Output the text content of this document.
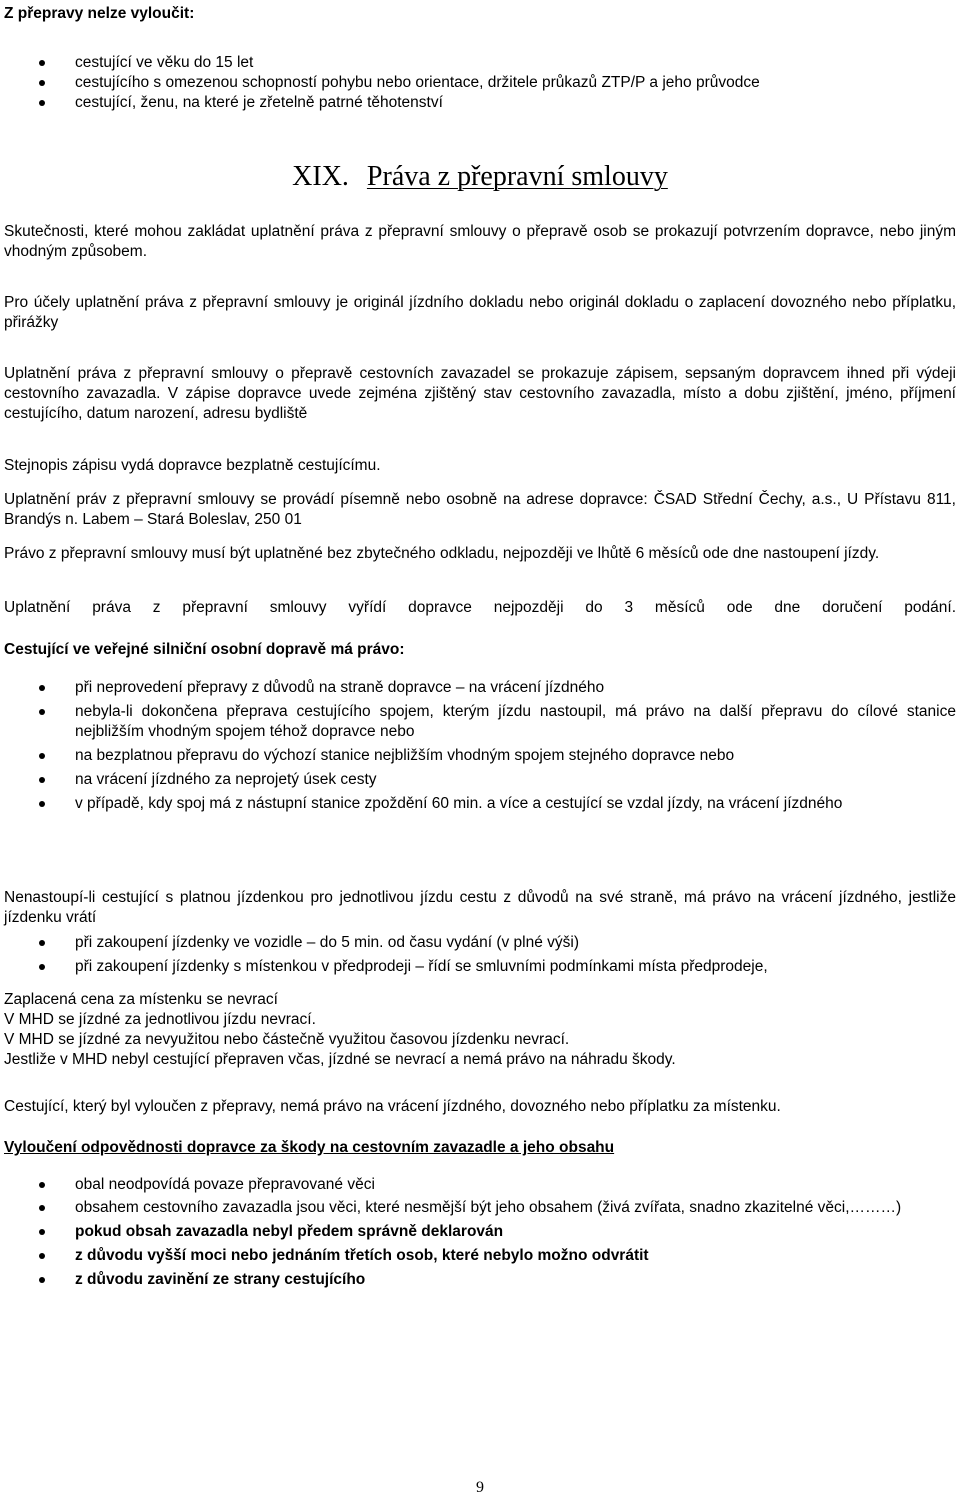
Z přepravy nelze vyloučit:

cestující ve věku do 15 let
cestujícího s omezenou schopností pohybu nebo orientace, držitele průkazů ZTP/P a jeho průvodce
cestující, ženu, na které je zřetelně patrné těhotenství
XIX. Práva z přepravní smlouvy

Skutečnosti, které mohou zakládat uplatnění práva z přepravní smlouvy o přepravě osob se prokazují potvrzením dopravce, nebo jiným vhodným způsobem.

Pro účely uplatnění práva z přepravní smlouvy je originál jízdního dokladu nebo originál dokladu o zaplacení dovozného nebo příplatku, přirážky

Uplatnění práva z přepravní smlouvy o přepravě cestovních zavazadel se prokazuje zápisem, sepsaným dopravcem ihned při výdeji cestovního zavazadla. V zápise dopravce uvede zejména zjištěný stav cestovního zavazadla, místo a dobu zjištění, jméno, příjmení cestujícího, datum narození, adresu bydliště

Stejnopis zápisu vydá dopravce bezplatně cestujícímu.

Uplatnění práv z přepravní smlouvy se provádí písemně nebo osobně na adrese dopravce: ČSAD Střední Čechy, a.s., U Přístavu 811, Brandýs n. Labem – Stará Boleslav, 250 01

Právo z přepravní smlouvy musí být uplatněné bez zbytečného odkladu, nejpozději ve lhůtě 6 měsíců ode dne nastoupení jízdy.

Uplatnění práva z přepravní smlouvy vyřídí dopravce nejpozději do 3 měsíců ode dne doručení podání.

Cestující ve veřejné silniční osobní dopravě má právo:

při neprovedení přepravy z důvodů na straně dopravce – na vrácení jízdného
nebyla-li dokončena přeprava cestujícího spojem, kterým jízdu nastoupil, má právo na další přepravu do cílové stanice nejbližším vhodným spojem téhož dopravce nebo
na bezplatnou přepravu do výchozí stanice nejbližším vhodným spojem stejného dopravce nebo
na vrácení jízdného za neprojetý úsek cesty
v případě, kdy spoj má z nástupní stanice zpoždění 60 min. a více a cestující se vzdal jízdy, na vrácení jízdného

Nenastoupí-li cestující s platnou jízdenkou pro jednotlivou jízdu cestu z důvodů na své straně, má právo na vrácení jízdného, jestliže jízdenku vrátí

při zakoupení jízdenky ve vozidle – do 5 min. od času vydání (v plné výši)
při zakoupení jízdenky s místenkou v předprodeji – řídí se smluvními podmínkami místa předprodeje,
Zaplacená cena za místenku se nevrací
V MHD se jízdné za jednotlivou jízdu nevrací.
V MHD se jízdné za nevyužitou nebo částečně využitou časovou jízdenku nevrací.
Jestliže v MHD nebyl cestující přepraven včas, jízdné se nevrací a nemá právo na náhradu škody.

Cestující, který byl vyloučen z přepravy, nemá právo na vrácení jízdného, dovozného nebo příplatku za místenku.

Vyloučení odpovědnosti dopravce za škody na cestovním zavazadle a jeho obsahu

obal neodpovídá povaze přepravované věci
obsahem cestovního zavazadla jsou věci, které nesmější být jeho obsahem (živá zvířata, snadno zkazitelné věci,………)
pokud obsah zavazadla nebyl předem správně deklarován
z důvodu vyšší moci nebo jednáním třetích osob, které nebylo možno odvrátit
z důvodu zavinění ze strany cestujícího
9
